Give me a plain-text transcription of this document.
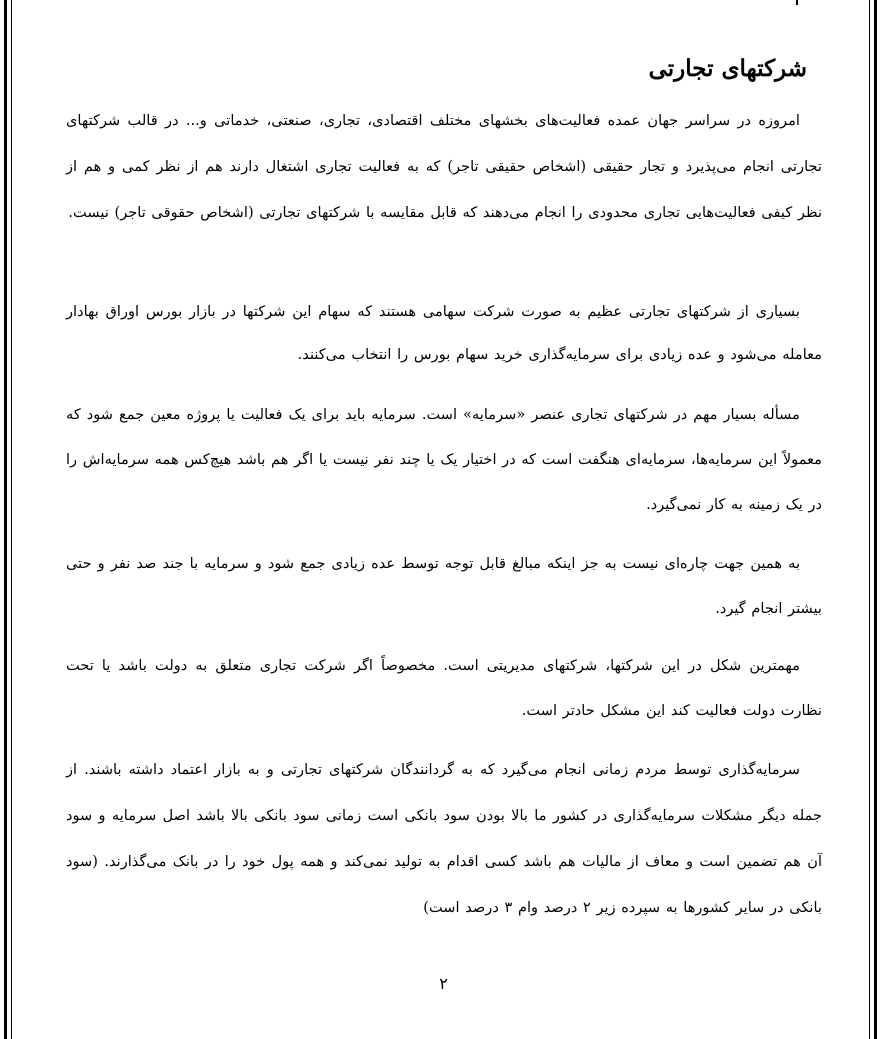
شرکتهای تجارتی

امروزه در سراسر جهان عمده فعالیت‌های بخشهای مختلف اقتصادی، تجاری، صنعتی، خدماتی و... در قالب شرکتهای تجارتی انجام می‌پذیرد و تجار حقیقی (اشخاص حقیقی تاجر) که به فعالیت تجاری اشتغال دارند هم از نظر کمی و هم از نظر کیفی فعالیت‌هایی تجاری محدودی را انجام می‌دهند که قابل مقایسه با شرکتهای تجارتی (اشخاص حقوقی تاجر) نیست.

بسیاری از شرکتهای تجارتی عظیم به صورت شرکت سهامی هستند که سهام این شرکتها در بازار بورس اوراق بهادار معامله می‌شود و عده زیادی برای سرمایه‌گذاری خرید سهام بورس را انتخاب می‌کنند.

مسأله بسیار مهم در شرکتهای تجاری عنصر «سرمایه» است. سرمایه باید برای یک فعالیت یا پروژه معین جمع شود که معمولاً این سرمایه‌ها، سرمایه‌ای هنگفت است که در اختیار یک یا چند نفر نیست یا اگر هم باشد هیچ‌کس همه سرمایه‌اش را در یک زمینه به کار نمی‌گیرد.

به همین جهت چاره‌ای نیست به جز اینکه مبالغ قابل توجه توسط عده زیادی جمع شود و سرمایه با جند صد نفر و حتی بیشتر انجام گیرد.

مهمترین شکل در این شرکتها، شرکتهای مدیریتی است. مخصوصاً اگر شرکت تجاری متعلق به دولت باشد یا تحت نظارت دولت فعالیت کند این مشکل حادتر است.

سرمایه‌گذاری توسط مردم زمانی انجام می‌گیرد که به گردانندگان شرکتهای تجارتی و به بازار اعتماد داشته باشند. از جمله دیگر مشکلات سرمایه‌گذاری در کشور ما بالا بودن سود بانکی است زمانی سود بانکی بالا باشد اصل سرمایه و سود آن هم تضمین است و معاف از مالیات هم باشد کسی اقدام به تولید نمی‌کند و همه پول خود را در بانک می‌گذارند. (سود بانکی در سایر کشورها به سپرده زیر ۲ درصد وام ۳ درصد است)

۲
